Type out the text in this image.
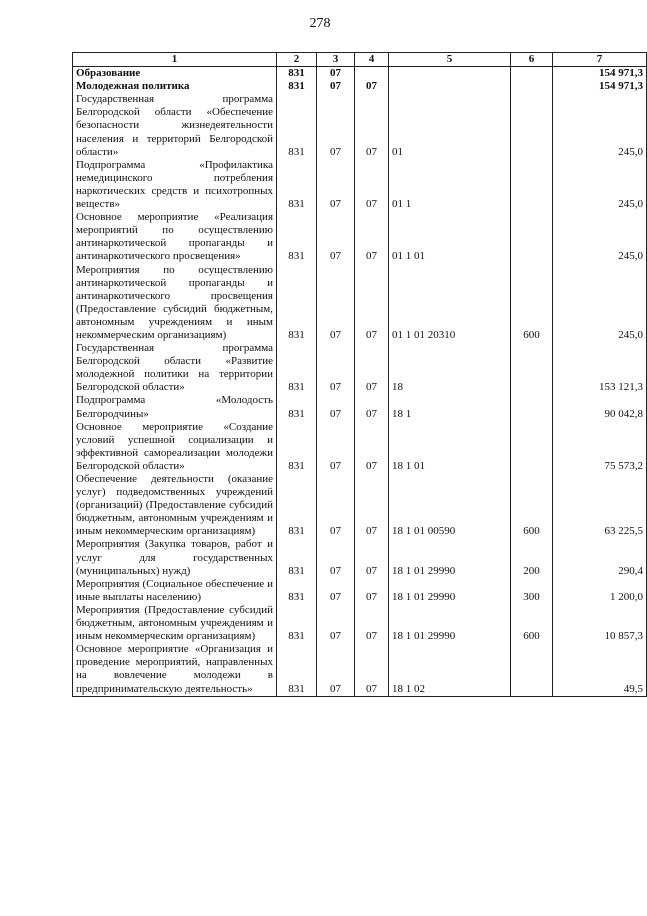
278
1	2	3	4	5	6	7
Образование	831	07				154 971,3
Молодежная политика	831	07	07			154 971,3
Государственная программа Белгородской области «Обеспечение безопасности жизнедеятельности населения и территорий Белгородской области»	831	07	07	01		245,0
Подпрограмма «Профилактика немедицинского потребления наркотических средств и психотропных веществ»	831	07	07	01 1		245,0
Основное мероприятие «Реализация мероприятий по осуществлению антинаркотической пропаганды и антинаркотического просвещения»	831	07	07	01 1 01		245,0
Мероприятия по осуществлению антинаркотической пропаганды и антинаркотического просвещения (Предоставление субсидий бюджетным, автономным учреждениям и иным некоммерческим организациям)	831	07	07	01 1 01 20310	600	245,0
Государственная программа Белгородской области «Развитие молодежной политики на территории Белгородской области»	831	07	07	18		153 121,3
Подпрограмма «Молодость Белгородчины»	831	07	07	18 1		90 042,8
Основное мероприятие «Создание условий успешной социализации и эффективной самореализации молодежи Белгородской области»	831	07	07	18 1 01		75 573,2
Обеспечение деятельности (оказание услуг) подведомственных учреждений (организаций) (Предоставление субсидий бюджетным, автономным учреждениям и иным некоммерческим организациям)	831	07	07	18 1 01 00590	600	63 225,5
Мероприятия (Закупка товаров, работ и услуг для государственных (муниципальных) нужд)	831	07	07	18 1 01 29990	200	290,4
Мероприятия (Социальное обеспечение и иные выплаты населению)	831	07	07	18 1 01 29990	300	1 200,0
Мероприятия (Предоставление субсидий бюджетным, автономным учреждениям и иным некоммерческим организациям)	831	07	07	18 1 01 29990	600	10 857,3
Основное мероприятие «Организация и проведение мероприятий, направленных на вовлечение молодежи в предпринимательскую деятельность»	831	07	07	18 1 02		49,5
